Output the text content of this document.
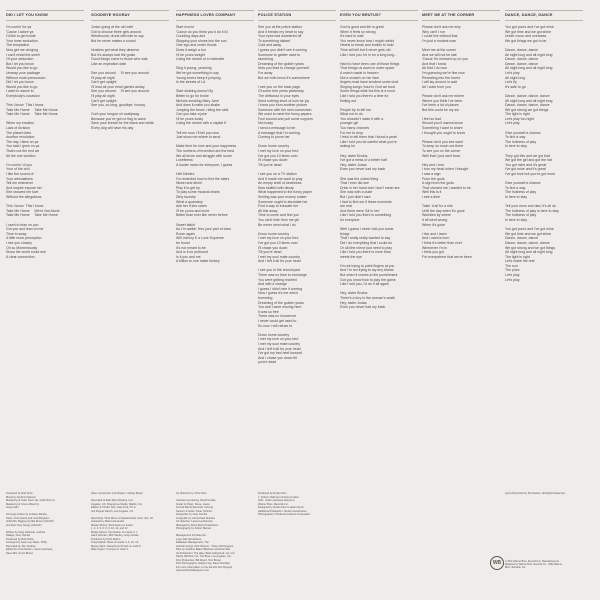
DID I LET YOU KNOW
I'm comin' for ya
'Cause I adore ya
I'd like to get inside
Your inner seduction
The temptation
Now get me cringing
I can't resist the smell
Of your seduction
But I let you know
Would you like to go
Unwrap your package
Without much persuasion
Did I let you know
Would you like to go
I want to dance to
Everybody's occasion

This I know  This I know
Take Me Home     Take Me Home
Take Me Home     Take Me Home

When my emotion
Lack of division
The planet does
Another revolution
The day I blew on ya
You said I grew on ya
That's not the end we
All the one solution

I'm comin' of you
Your of the civil
I like the sound of
Your articulations
Tell me whenever
And maybe expose her
She showed me love
Without the allegations

This I know  This I know
Take Me Home     We're Not Alone
Take Me Home     Take Me Home

I used to lean on you
Got you and lean on me
Time to sway
A little more perception
I rise you closely
Oh so Momentously
Show the world could see
A clear connection
GOODBYE HOORAY
Junior going at the old café
Got to choose three girls around
Westbound, drunk with tote to say
But he never makes a sound

Hustlers get what they deserve
But it's always had the goals
Good things come to those who wait
Like an expiration date

See you around     I'll see you around
I'll play all night
Can't get uptight
I'll lead all your mind games astray
See you around     I'll see you around
I'll play all night
Can't get uptight
See you, so long, goodbye, hooray

Curb your tongue oh scallywag
Because you've got no flag to wave
Save your breath for the black and white
Every dog will have his day
HAPPINESS LOVES COMPANY
Start movin'
'Cause do you think you'd do it #1
Counting days and
Skipping your shoes into the sun
One ego and under floods
Does it weigh a ton
I'll be yours tonight
Living the dream of a meteorite

Sing it young, yearning
We've got something to say
Young lovers keep it jumping
In the streets of LA

Start shaking doesn't fly
Better to go for broke
Nichols smoking Mary Jane
And does it make you shake
Jumping the fence, riding the rails
Can you take a joke
I'll be yours today
Living the dream with a capital K

Tell me now, I'll tell you now
Just show me where to send

Make time for love and your happiness
The mothers of invention are the best
We all know and struggle with some
Loneliness
A louder mean for everyone, I guess

Hell blinded
I'm reminded how to find the stairs
Nickel and dimin'
Play it to get by
To play some musical chairs
Dirty laundry
What a quandary
Ask her if she cares
I'll be yours and more
Better than ever like never before

Sweet talkin'
As I'm walkin' thru your part of town
Room again
Will Johnny E a Love Supreme
be found
It's not meant to be
And is it so profound
Is it you and me
A billion to one make history
POLICE STATION
See you at the police station
And it breaks my heart to say
Your eyes had wandered off
To something distant
Cold and away
I guess you didn't see it coming
Someone to gather used to
slumming
Dreaming of the golden years
Now you lead to change yourself
For away
But we both know it's somewhere

I see you on the back page
Of some free press yesterday
The driftwood in your eyes
Send nothing short of love for joy
I know you from another picture
Someone with the next connection
We used to meet the funny papers
Fool around and pull some coppers
Not today
I send a message to her
A message that I'm coming
Coming to prove her

Down home country
I met my love on your bed
I've got you 10 times over
I'll chase you down
Till you're dead

I see you on a TV station
And it made me want to pray
An empty shell of loneliness
Now stuffed with decay
What happened to the funny paper
Smiling was your money maker
Someone ought to elucidate her
Find a way to educate her
All this away
Time to come and find you
You can't hide from me girl
Be never mind what I do

Down home country
I met my love on your bed
I've got you 10 times over
I'll chase you down
Till you're dead
I met my soul mate country
And I left it all for your head

I see you in the churchyard
There was no time to exchange
You were getting married
And with a change
I guess I didn't see it coming
Now I guess it's me who's
bumming
Dreaming of the golden years
You and I were moving here
It was so free
There was no innocence
I never could get used to
So now I will refuse to

Down home country
I met my love on your bed
I met my soul mate country
And I left it all for your head
I've got my bed heel forward
And I chase you down till
you're dead
EVEN YOU BRUTUS?
God is good and life is great
When it feels so strong
It's hard to wait
You never know how I might unfold
Hearts to break and bodies to hold
Time will tell but it never gets old
Like I told you I'm in for a long long...

Hard to have been one of those things
That brings us down in outer space
A match made in heaven
Not a scratch on her face
Angels must have smoked some dust
Singing songs 'bout in God we trust
Some things slide but this is a must
Like I told you there's a time for
finding out

People try to tell me
What not to do
You shouldn't make it with a
younger girl
Too many chances
For her to drop
I tried to tell them that I found a pearl
Like I told you be careful what you're
asking for

Hey, sister Brutus
I've got a mess of a better half
Hey, sister Judas
Even you never had my back

She was the cutest thing
That I ever did see
Drink in her hand and I don't mean tea
She was with a dude
But I just didn't care
I had to find out if these moments
are real
And there were 'All in her'
Like I told you there is something
for everyone

Well I guess I never told you some
things
That I really really wanted to say
Did I do everything that I could do
Or did the mirror just need to play
Like I told you there is more than
meets the eye

I'm not trying to point fingers at you
And I'm not trying to lay any blame
But when it comes to the punishment
Got you know how to play the game
Like I told you, I'd do it all again

Hey, sister Brutus
There's a fury to the woman's wrath
Hey, sister Judas
Even you never had my back
MEET ME AT THE CORNER
Please don't ask me why
Why can't I run
I could live without that
I'm just a modest man

Meet me at the corner
And we will not be late
'Cause I'm messed up on you
And that I know
All that I do now
I'm guessing we're fine now
Revealing into the forest
I will lay around in wait
All I want from you

Please don't ask me where
Where you think I've been
I've been a lot of places
But this could be my sin

I feel so bad
Should you if wanna know
Something I want to share
I thought you ought to know

Please don't you see want
To keep so much out there
To see you on the corner
Well that I just can't bear

Hey and I turn
I turn my head when I thought
I saw a sign
From the gods
A sign from the gods
That showed me I wanted to be
Well this is it
I see a time

Takin' it all for a ride
Until the day when it's gone
Worldled by where
It all went wrong
When it's gone

I live and I learn
And I want to turn
I think it's better than ever
Whenever I'm in
I think you got
For everywhere that we've been
DANCE, DANCE, DANCE
You got yours and I've got mine
We got time and we got shine
Under moon and overseas
We got things we got to be

Dance, dance, dance
All night long and all night long
Dance, dance, dance
Dance, dance, dance
All night long and all night long
Let's play
All night long
Let's fly
It's safe to go

Dance, dance, dance, dance
All night long and all night long
Dance, dance, dance, dance
We got strong we got things
The light is right
Let's play fun night
Let's play

Give yourself a chance
To find a way
The holiness of play
Is here to stay

They got this and we got that
We got the girl and got the hat
You got mine and it's great
I've got mine and it's great
I've got love but you've got more

Give yourself a chance
To find a way
The holiness of play
Is here to stay

Tell your mom and dad, it's all ok
The holiness of play is here to stay
The holiness of play
Is here to stay

You got yours and I've got mine
We got time and we got shine
Dance, dance, dance
Dance, dance, dance, dance
We got strong and we got things
All night long and all night long
The light is right
Let's make the rest
The sun
The prize
Let's play
Let's play
Produced by Rob Kuhn
Mixed by Andrew Dawson
Mastering of Gold, Does Ha, Gold Rush at
Mastering of Grove Mixed by
Greg Calbi

All songs written by Lindsey Rankin,
Peter, Chris Harris and Josh Bingham
(ASCAP), Bigging Up Bel Music (ASCAP)
and Dart Gray Songs (ASCAP)

Written by Greg Hinkman, Andrew
Dalago, Gray Gentile
Produced by Rick Rubin
Arranged by Sean Lee Slater, Philly
Recorded at: Dim Studios
Edited by Chris Morten, Jason Hentreau,
Dave Ritz, Kevin Brown
Album production coordinator: Lindsay Braun

Recorded at East West Studios, Los
Angeles, CA; Shangri-La Studio, Malibu, CA
Edison & Cinder Twin, New York, NY &
Jett Pepper Ranch, Los Angeles, CA

Recording: Third Mirror at Mastersheds, New York, NY
Assisted by Mark Hernandez
Master Mixers: Permission on tracks
1, 2, 4, 5, 6, 8, 9, 10, 11, and 12
Bridge Mixers: Permission on tracks 3, 7
Hans Strinden, Bob Stanley, Gray Gentile
Produced by Chris Martin
Greg Dawkin: Bass on tracks 4, 6, 10, 12
Money Mark: Saxophone 90 dub on track 8
Mike Kugler: Trumpet on track 9
Art direction by Chris Kihm

Assistant producing: David Gentile
Guitar by Peter, Steve, Jason
Format Ranch Records: Cloning
Section 4 Guitar: Peter Schmitt
Songwriter by Gray Gentile
Lengeville by Carmichael Shazam
Art direction: Leona Lambertson
Managed by Ross-Ross Productions
Photography by Kristin Barrow

Management & Praise list
Logo: Elio Sinnisbana
Database Management: The
Heirlofo Songs, Rick Moreno - Three Old Peppers
Plan by Caroline Baker Blackson and Rust War
Art Production: The alley, Betts Hollywood, CA, Ind.
Pacify, Bill Ruk, CA, The Bout, Los Angeles, CA
First Production: Bill Roper, Tom Brown
Print Photography: Helped Jug, Dave Sheridan
For more information on the bat Dot Dot Peppers
www.redhotchilipeppers.com
Produced by Dustin Kine
J. Scherm Wall and Juniors Limited
2011, under exclusive license to
Warner Bros. Records Inc.
Designed by Dustin Kine & Jason Nevin
Additional Production: Studio Coordination
Photographer: Produced Colours Corporation
Lyrics Reprinted by Permission. All Rights Reserved.
WB	© 2011 Warner Bros. Records Inc. Manufactured & Marketed by Warner Bros. Records Inc., 3300 Warner Blvd., Burbank, CA
